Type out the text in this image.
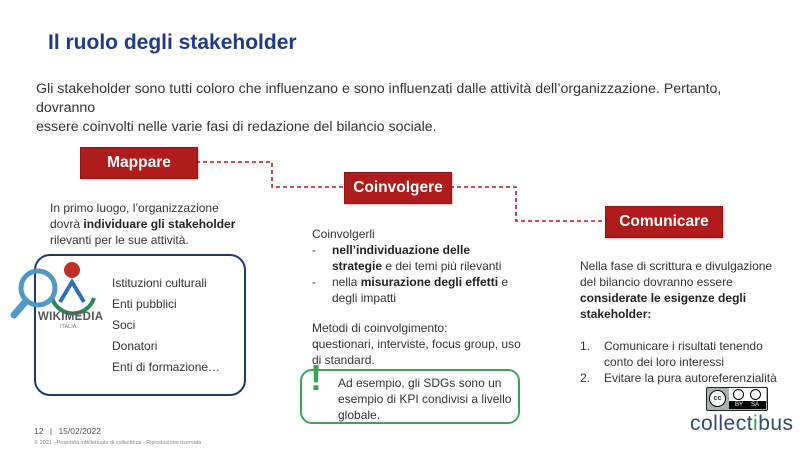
Il ruolo degli stakeholder
Gli stakeholder sono tutti coloro che influenzano e sono influenzati dalle attività dell’organizzazione. Pertanto, dovranno
essere coinvolti nelle varie fasi di redazione del bilancio sociale.
Mappare
Coinvolgere
Comunicare
In primo luogo, l’organizzazione
dovrà individuare gli stakeholder
rilevanti per le sue attività.
WIKIMEDIA
ITALIA
Istituzioni culturali
Enti pubblici
Soci
Donatori
Enti di formazione…
Coinvolgerli
- nell’individuazione delle
strategie e dei temi più rilevanti
- nella misurazione degli effetti e
degli impatti
Metodi di coinvolgimento:
questionari, interviste, focus group, uso
di standard.
! Ad esempio, gli SDGs sono un
esempio di KPI condivisi a livello
globale.
Nella fase di scrittura e divulgazione
del bilancio dovranno essere
considerate le esigenze degli
stakeholder:
1. Comunicare i risultati tenendo
conto dei loro interessi
2. Evitare la pura autoreferenzialità
cc
BY SA
12 | 15/02/2022
© 2021 - Proprietà intellettuale di collectibus - Riproduzione riservata
collectibus
